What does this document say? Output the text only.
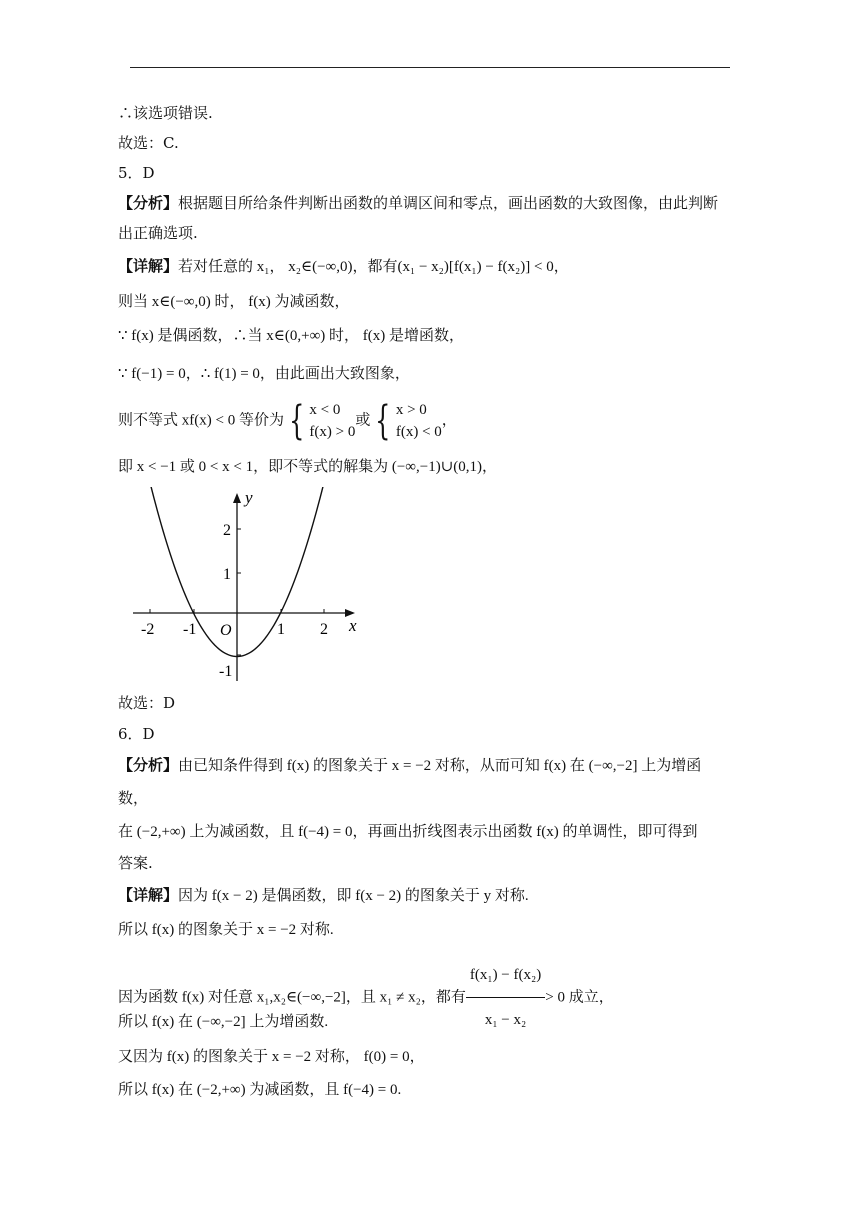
∴该选项错误.
故选：C.
5．D
【分析】根据题目所给条件判断出函数的单调区间和零点，画出函数的大致图像，由此判断
出正确选项.
【详解】若对任意的 x₁， x₂∈(−∞,0)，都有(x₁ − x₂)[f(x₁) − f(x₂)] < 0，
则当 x∈(−∞,0) 时， f(x) 为减函数，
∵ f(x) 是偶函数，∴当 x∈(0,+∞) 时， f(x) 是增函数，
∵ f(−1) = 0，∴ f(1) = 0，由此画出大致图象，
则不等式 xf(x) < 0 等价为 { x < 0
f(x) > 0
或 { x > 0
f(x) < 0
，
即 x < −1 或 0 < x < 1，即不等式的解集为 (−∞,−1)∪(0,1)，
-2 -1	1 2
2
1
-1
O	x
y
故选：D
6．D
【分析】由已知条件得到 f(x) 的图象关于 x = −2 对称，从而可知 f(x) 在 (−∞,−2] 上为增函
数，
在 (−2,+∞) 上为减函数，且 f(−4) = 0，再画出折线图表示出函数 f(x) 的单调性，即可得到
答案.
【详解】因为 f(x − 2) 是偶函数，即 f(x − 2) 的图象关于 y 对称.
所以 f(x) 的图象关于 x = −2 对称.
因为函数 f(x) 对任意 x₁,x₂∈(−∞,−2]，且 x₁ ≠ x₂，都有 $\frac{\text{f(x₁) − f(x₂)}}{\text{x₁ − x₂}} > 0$ 成立，
所以 f(x) 在 (−∞,−2] 上为增函数.
又因为 f(x) 的图象关于 x = −2 对称， f(0) = 0，
所以 f(x) 在 (−2,+∞) 为减函数，且 f(−4) = 0.
